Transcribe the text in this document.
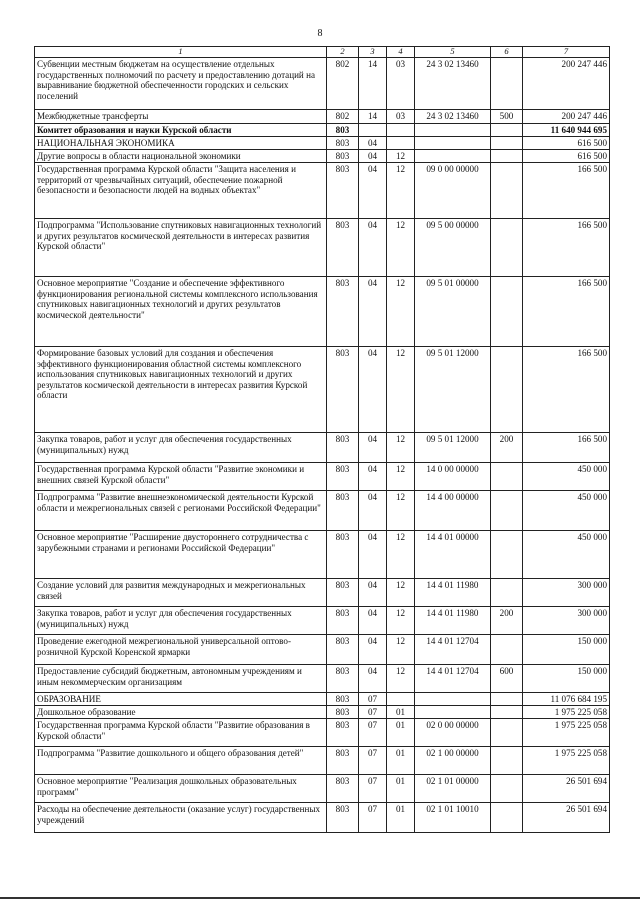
8
1	2	3	4	5	6	7
Субвенции местным бюджетам на осуществление отдельных государственных полномочий по расчету и предоставлению дотаций на выравнивание бюджетной обеспеченности городских и сельских поселений	802	14	03	24 3 02 13460		200 247 446
Межбюджетные трансферты	802	14	03	24 3 02 13460	500	200 247 446
Комитет образования и науки Курской области	803					11 640 944 695
НАЦИОНАЛЬНАЯ ЭКОНОМИКА	803	04				616 500
Другие вопросы в области национальной экономики	803	04	12			616 500
Государственная программа Курской области "Защита населения и территорий от чрезвычайных ситуаций, обеспечение пожарной безопасности и безопасности людей на водных объектах"	803	04	12	09 0 00 00000		166 500
Подпрограмма "Использование спутниковых навигационных технологий и других результатов космической деятельности в интересах развития Курской области"	803	04	12	09 5 00 00000		166 500
Основное мероприятие "Создание и обеспечение эффективного функционирования региональной системы комплексного использования спутниковых навигационных технологий и других результатов космической деятельности"	803	04	12	09 5 01 00000		166 500
Формирование базовых условий для создания и обеспечения эффективного функционирования областной системы комплексного использования спутниковых навигационных технологий и других результатов космической деятельности в интересах развития Курской области	803	04	12	09 5 01 12000		166 500
Закупка товаров, работ и услуг для обеспечения государственных (муниципальных) нужд	803	04	12	09 5 01 12000	200	166 500
Государственная программа Курской области "Развитие экономики и внешних связей Курской области"	803	04	12	14 0 00 00000		450 000
Подпрограмма "Развитие внешнеэкономической деятельности Курской области и межрегиональных связей с регионами Российской Федерации"	803	04	12	14 4 00 00000		450 000
Основное мероприятие "Расширение двустороннего сотрудничества с зарубежными странами и регионами Российской Федерации"	803	04	12	14 4 01 00000		450 000
Создание условий для развития международных и межрегиональных связей	803	04	12	14 4 01 11980		300 000
Закупка товаров, работ и услуг для обеспечения государственных (муниципальных) нужд	803	04	12	14 4 01 11980	200	300 000
Проведение ежегодной межрегиональной универсальной оптово-розничной Курской Коренской ярмарки	803	04	12	14 4 01 12704		150 000
Предоставление субсидий бюджетным, автономным учреждениям и иным некоммерческим организациям	803	04	12	14 4 01 12704	600	150 000
ОБРАЗОВАНИЕ	803	07				11 076 684 195
Дошкольное образование	803	07	01			1 975 225 058
Государственная программа Курской области "Развитие образования в Курской области"	803	07	01	02 0 00 00000		1 975 225 058
Подпрограмма "Развитие дошкольного и общего образования детей"	803	07	01	02 1 00 00000		1 975 225 058
Основное мероприятие "Реализация дошкольных образовательных программ"	803	07	01	02 1 01 00000		26 501 694
Расходы на обеспечение деятельности (оказание услуг) государственных учреждений	803	07	01	02 1 01 10010		26 501 694
